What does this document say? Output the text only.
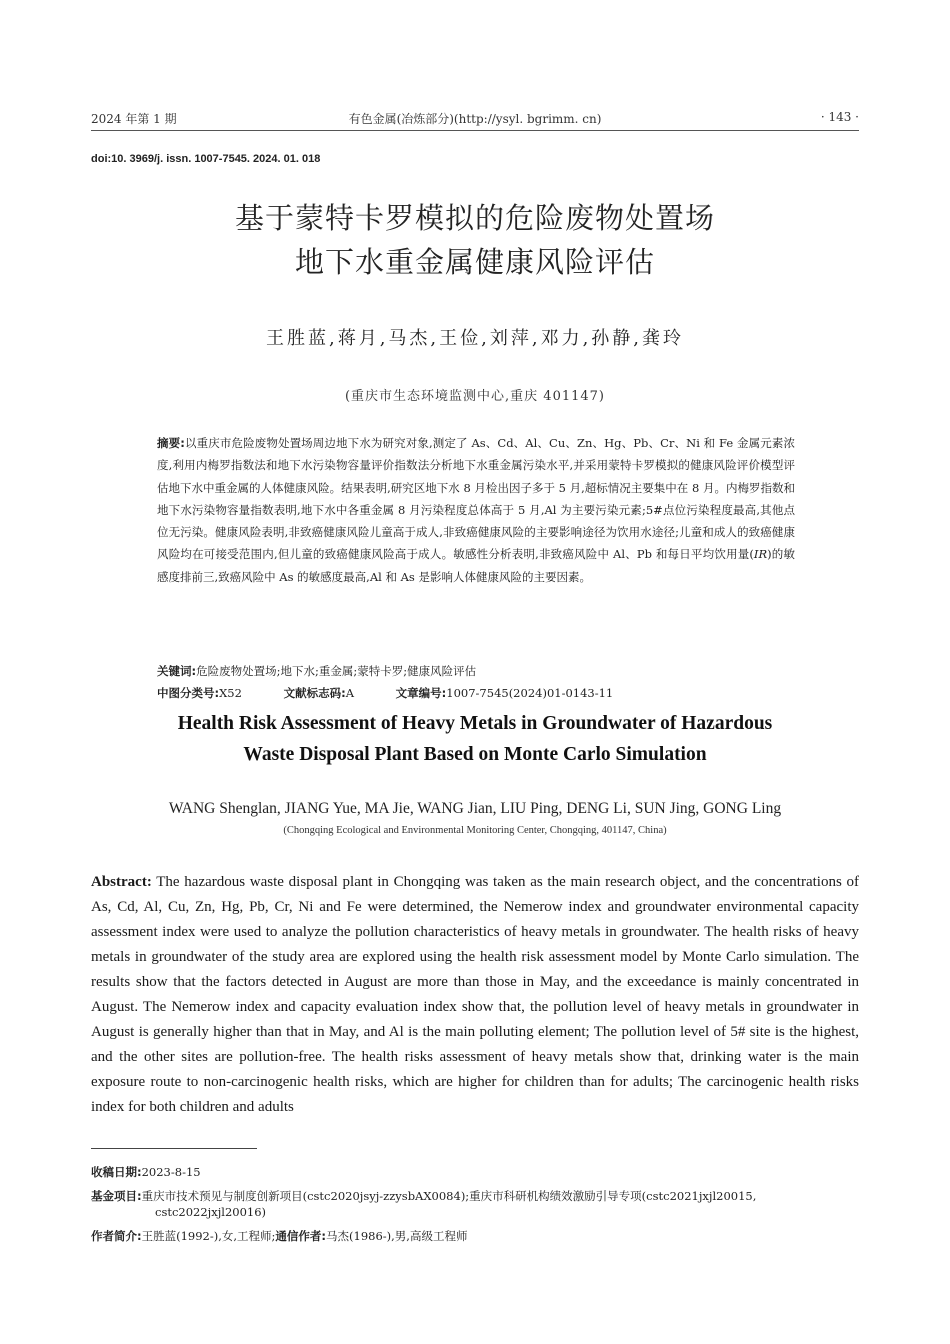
2024 年第 1 期	有色金属(冶炼部分)(http://ysyl. bgrimm. cn)	· 143 ·
doi:10. 3969/j. issn. 1007-7545. 2024. 01. 018
基于蒙特卡罗模拟的危险废物处置场
地下水重金属健康风险评估
王胜蓝,蒋月,马杰,王俭,刘萍,邓力,孙静,龚玲
(重庆市生态环境监测中心,重庆 401147)
摘要:以重庆市危险废物处置场周边地下水为研究对象,测定了 As、Cd、Al、Cu、Zn、Hg、Pb、Cr、Ni 和 Fe 金属元素浓度,利用内梅罗指数法和地下水污染物容量评价指数法分析地下水重金属污染水平,并采用蒙特卡罗模拟的健康风险评价模型评估地下水中重金属的人体健康风险。结果表明,研究区地下水 8 月检出因子多于 5 月,超标情况主要集中在 8 月。内梅罗指数和地下水污染物容量指数表明,地下水中各重金属 8 月污染程度总体高于 5 月,Al 为主要污染元素;5#点位污染程度最高,其他点位无污染。健康风险表明,非致癌健康风险儿童高于成人,非致癌健康风险的主要影响途径为饮用水途径;儿童和成人的致癌健康风险均在可接受范围内,但儿童的致癌健康风险高于成人。敏感性分析表明,非致癌风险中 Al、Pb 和每日平均饮用量(IR)的敏感度排前三,致癌风险中 As 的敏感度最高,Al 和 As 是影响人体健康风险的主要因素。
关键词:危险废物处置场;地下水;重金属;蒙特卡罗;健康风险评估
中图分类号:X52	文献标志码:A	文章编号:1007-7545(2024)01-0143-11
Health Risk Assessment of Heavy Metals in Groundwater of Hazardous
Waste Disposal Plant Based on Monte Carlo Simulation
WANG Shenglan, JIANG Yue, MA Jie, WANG Jian, LIU Ping, DENG Li, SUN Jing, GONG Ling
(Chongqing Ecological and Environmental Monitoring Center, Chongqing, 401147, China)
Abstract: The hazardous waste disposal plant in Chongqing was taken as the main research object, and the concentrations of As, Cd, Al, Cu, Zn, Hg, Pb, Cr, Ni and Fe were determined, the Nemerow index and groundwater environmental capacity assessment index were used to analyze the pollution characteristics of heavy metals in groundwater. The health risks of heavy metals in groundwater of the study area are explored using the health risk assessment model by Monte Carlo simulation. The results show that the factors detected in August are more than those in May, and the exceedance is mainly concentrated in August. The Nemerow index and capacity evaluation index show that, the pollution level of heavy metals in groundwater in August is generally higher than that in May, and Al is the main polluting element; The pollution level of 5# site is the highest, and the other sites are pollution-free. The health risks assessment of heavy metals show that, drinking water is the main exposure route to non-carcinogenic health risks, which are higher for children than for adults; The carcinogenic health risks index for both children and adults
收稿日期:2023-8-15
基金项目:重庆市技术预见与制度创新项目(cstc2020jsyj-zzysbAX0084);重庆市科研机构绩效激励引导专项(cstc2021jxjl20015,
cstc2022jxjl20016)
作者简介:王胜蓝(1992-),女,工程师;通信作者:马杰(1986-),男,高级工程师
